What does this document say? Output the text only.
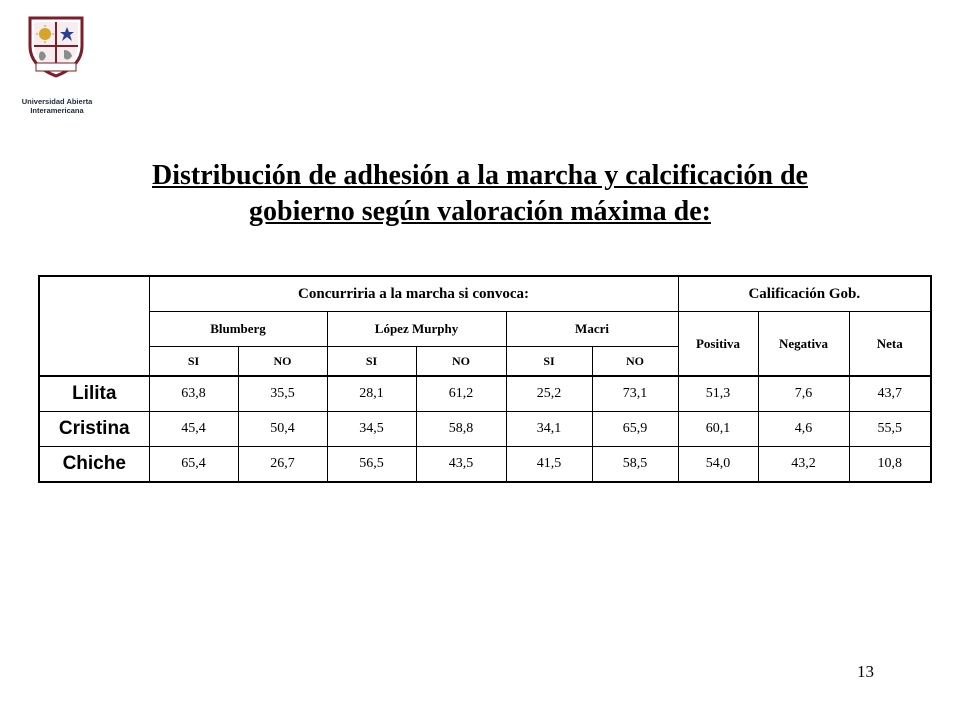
Universidad Abierta
Interamericana
Distribución de adhesión a la marcha y calcificación de
gobierno según valoración máxima de:
	Concurriria a la marcha si convoca:						Calificación Gob.		
	Blumberg		López Murphy		Macri		Positiva	Negativa	Neta
	SI	NO	SI	NO	SI	NO			
Lilita	63,8	35,5	28,1	61,2	25,2	73,1	51,3	7,6	43,7
Cristina	45,4	50,4	34,5	58,8	34,1	65,9	60,1	4,6	55,5
Chiche	65,4	26,7	56,5	43,5	41,5	58,5	54,0	43,2	10,8
13
